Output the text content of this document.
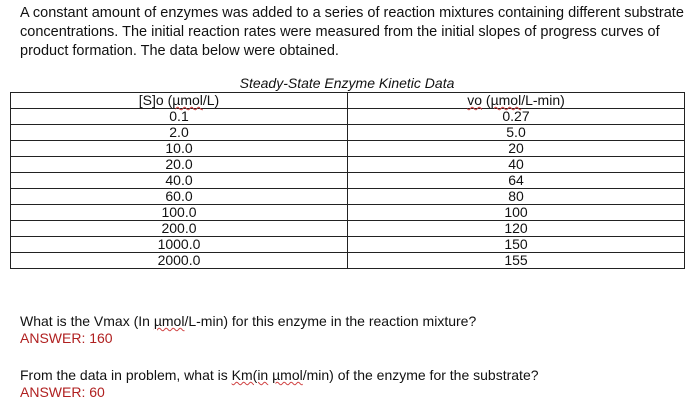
A constant amount of enzymes was added to a series of reaction mixtures containing different substrate concentrations. The initial reaction rates were measured from the initial slopes of progress curves of product formation. The data below were obtained.

Steady-State Enzyme Kinetic Data
[S]o (µmol/L)	vo (µmol/L-min)
0.1	0.27
2.0	5.0
10.0	20
20.0	40
40.0	64
60.0	80
100.0	100
200.0	120
1000.0	150
2000.0	155
What is the Vmax (In µmol/L-min) for this enzyme in the reaction mixture?
ANSWER: 160
From the data in problem, what is Km(in µmol/min) of the enzyme for the substrate?
ANSWER: 60
